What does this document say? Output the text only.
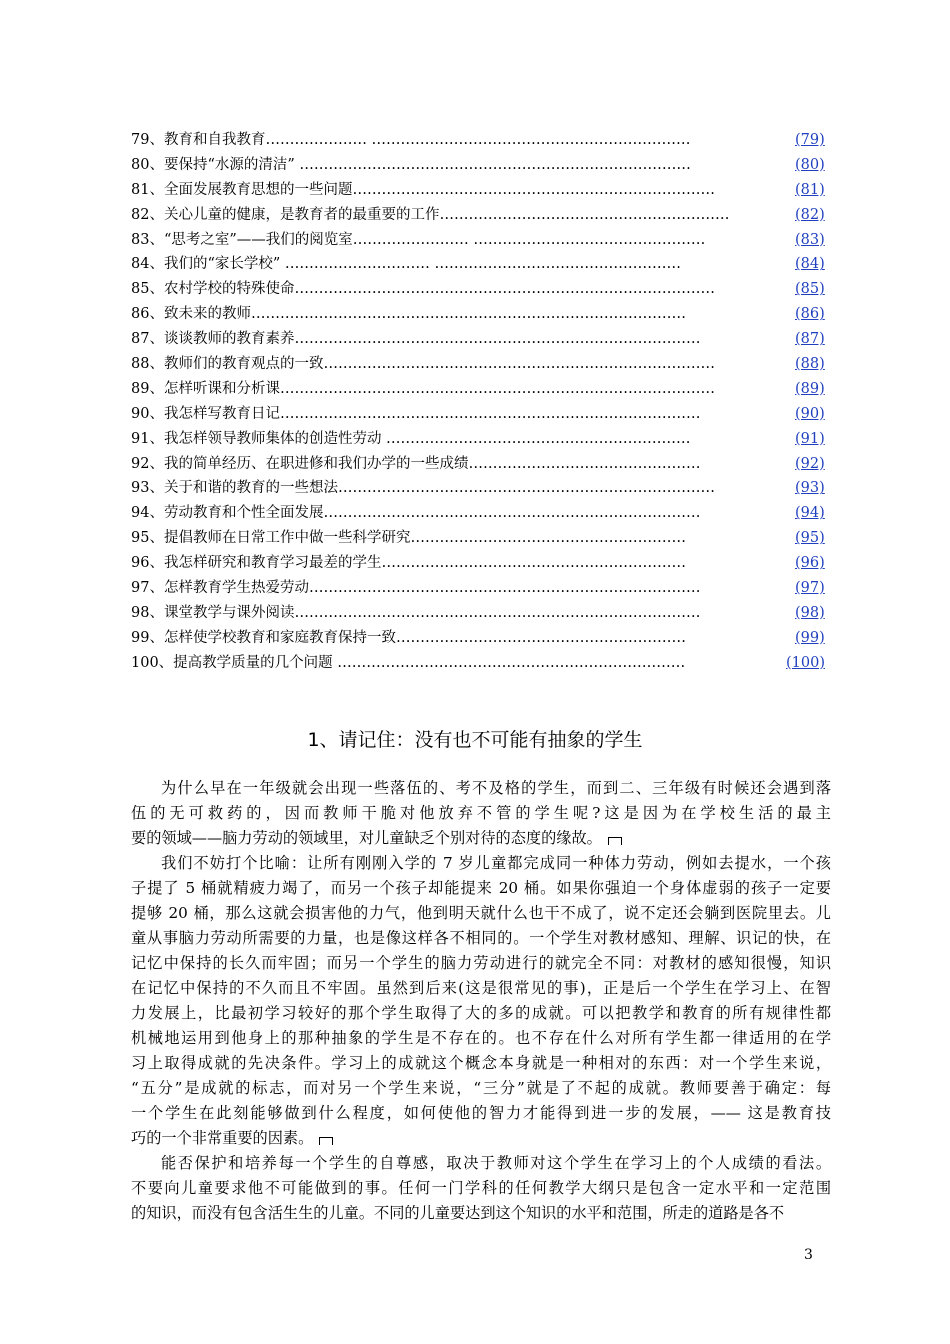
79、教育和自我教育………………… …………………………………………………………	(79)
80、要保持“水源的清洁” ………………………………………………………………………	(80)
81、全面发展教育思想的一些问题…………………………………………………………………	(81)
82、关心儿童的健康，是教育者的最重要的工作……………………………………………………	(82)
83、“思考之室”——我们的阅览室…………………… …………………………………………	(83)
84、我们的“家长学校” ………………………… ……………………………………………	(84)
85、农村学校的特殊使命……………………………………………………………………………	(85)
86、致未来的教师………………………………………………………………………………	(86)
87、谈谈教师的教育素养…………………………………………………………………………	(87)
88、教师们的教育观点的一致………………………………………………………………………	(88)
89、怎样听课和分析课………………………………………………………………………………	(89)
90、我怎样写教育日记……………………………………………………………………………	(90)
91、我怎样领导教师集体的创造性劳动 ………………………………………………………	(91)
92、我的简单经历、在职进修和我们办学的一些成绩…………………………………………	(92)
93、关于和谐的教育的一些想法……………………………………………………………………	(93)
94、劳动教育和个性全面发展……………………………………………………………………	(94)
95、提倡教师在日常工作中做一些科学研究…………………………………………………	(95)
96、我怎样研究和教育学习最差的学生………………………………………………………	(96)
97、怎样教育学生热爱劳动………………………………………………………………………	(97)
98、课堂教学与课外阅读…………………………………………………………………………	(98)
99、怎样使学校教育和家庭教育保持一致……………………………………………………	(99)
100、提高教学质量的几个问题 ………………………………………………………………	(100)
1、请记住：没有也不可能有抽象的学生
为什么早在一年级就会出现一些落伍的、考不及格的学生，而到二、三年级有时候还会遇到落
伍的无可救药的，因而教师干脆对他放弃不管的学生呢?这是因为在学校生活的最主
要的领域——脑力劳动的领域里，对儿童缺乏个别对待的态度的缘故。
我们不妨打个比喻：让所有刚刚入学的 7 岁儿童都完成同一种体力劳动，例如去提水，一个孩
子提了 5 桶就精疲力竭了，而另一个孩子却能提来 20 桶。如果你强迫一个身体虚弱的孩子一定要
提够 20 桶，那么这就会损害他的力气，他到明天就什么也干不成了，说不定还会躺到医院里去。儿
童从事脑力劳动所需要的力量，也是像这样各不相同的。一个学生对教材感知、理解、识记的快，在
记忆中保持的长久而牢固；而另一个学生的脑力劳动进行的就完全不同：对教材的感知很慢，知识
在记忆中保持的不久而且不牢固。虽然到后来(这是很常见的事)，正是后一个学生在学习上、在智
力发展上，比最初学习较好的那个学生取得了大的多的成就。可以把教学和教育的所有规律性都
机械地运用到他身上的那种抽象的学生是不存在的。也不存在什么对所有学生都一律适用的在学
习上取得成就的先决条件。学习上的成就这个概念本身就是一种相对的东西：对一个学生来说，
“五分”是成就的标志，而对另一个学生来说，“三分”就是了不起的成就。教师要善于确定：每
一个学生在此刻能够做到什么程度，如何使他的智力才能得到进一步的发展，—— 这是教育技
巧的一个非常重要的因素。
能否保护和培养每一个学生的自尊感，取决于教师对这个学生在学习上的个人成绩的看法。
不要向儿童要求他不可能做到的事。任何一门学科的任何教学大纲只是包含一定水平和一定范围
的知识，而没有包含活生生的儿童。不同的儿童要达到这个知识的水平和范围，所走的道路是各不
3
